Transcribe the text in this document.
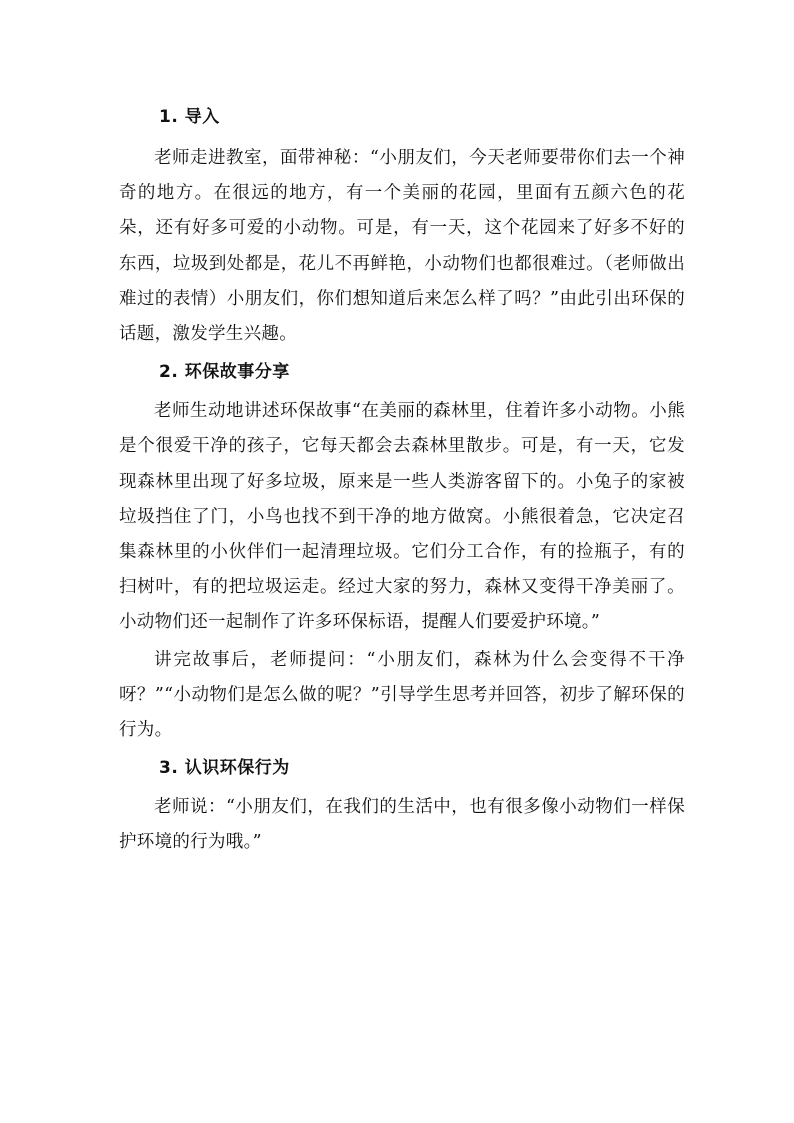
1. 导入

老师走进教室，面带神秘：“小朋友们，今天老师要带你们去一个神奇的地方。在很远的地方，有一个美丽的花园，里面有五颜六色的花朵，还有好多可爱的小动物。可是，有一天，这个花园来了好多不好的东西，垃圾到处都是，花儿不再鲜艳，小动物们也都很难过。（老师做出难过的表情）小朋友们，你们想知道后来怎么样了吗？”由此引出环保的话题，激发学生兴趣。

2. 环保故事分享

老师生动地讲述环保故事“在美丽的森林里，住着许多小动物。小熊是个很爱干净的孩子，它每天都会去森林里散步。可是，有一天，它发现森林里出现了好多垃圾，原来是一些人类游客留下的。小兔子的家被垃圾挡住了门，小鸟也找不到干净的地方做窝。小熊很着急，它决定召集森林里的小伙伴们一起清理垃圾。它们分工合作，有的捡瓶子，有的扫树叶，有的把垃圾运走。经过大家的努力，森林又变得干净美丽了。小动物们还一起制作了许多环保标语，提醒人们要爱护环境。”

讲完故事后，老师提问：“小朋友们，森林为什么会变得不干净呀？”“小动物们是怎么做的呢？”引导学生思考并回答，初步了解环保的行为。

3. 认识环保行为

老师说：“小朋友们，在我们的生活中，也有很多像小动物们一样保护环境的行为哦。”
